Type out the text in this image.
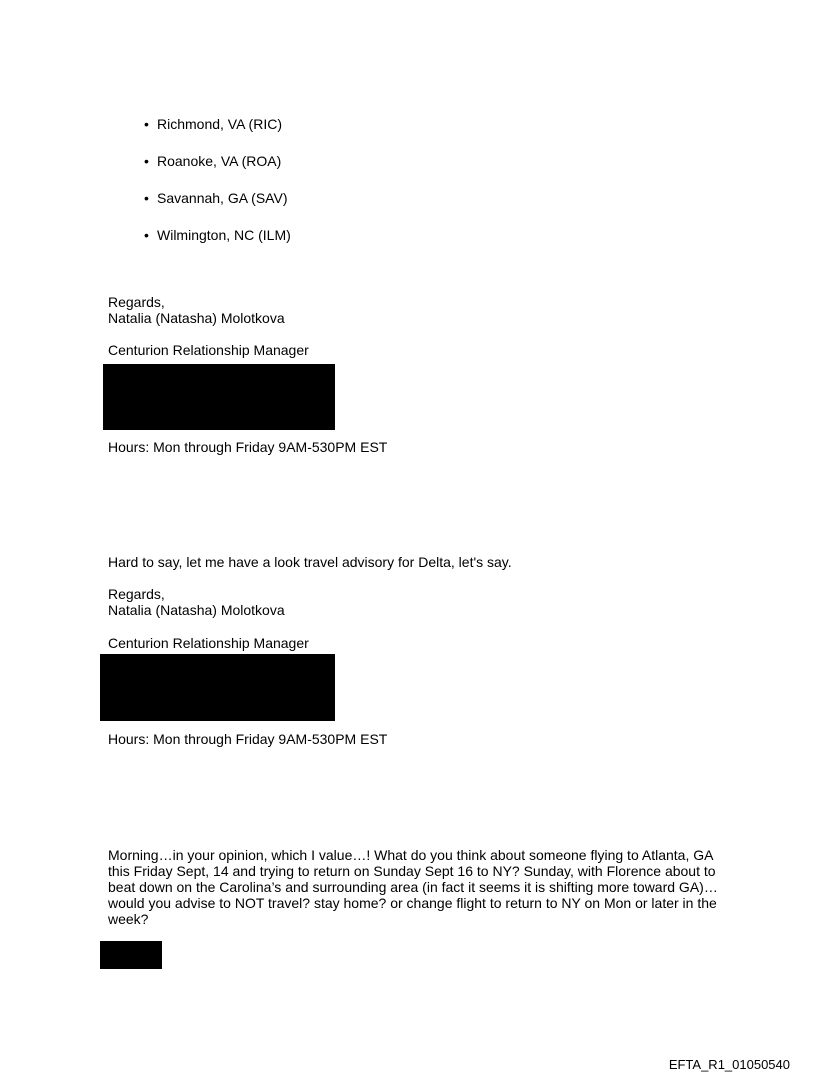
• Richmond, VA (RIC)
• Roanoke, VA (ROA)
• Savannah, GA (SAV)
• Wilmington, NC (ILM)
Regards,
Natalia (Natasha) Molotkova
Centurion Relationship Manager
Hours: Mon through Friday 9AM-530PM EST
Hard to say, let me have a look travel advisory for Delta, let's say.
Regards,
Natalia (Natasha) Molotkova
Centurion Relationship Manager
Hours: Mon through Friday 9AM-530PM EST
Morning…in your opinion, which I value…! What do you think about someone flying to Atlanta, GA this Friday Sept, 14 and trying to return on Sunday Sept 16 to NY? Sunday, with Florence about to beat down on the Carolina’s and surrounding area (in fact it seems it is shifting more toward GA)…would you advise to NOT travel? stay home? or change flight to return to NY on Mon or later in the week?
EFTA_R1_01050540
